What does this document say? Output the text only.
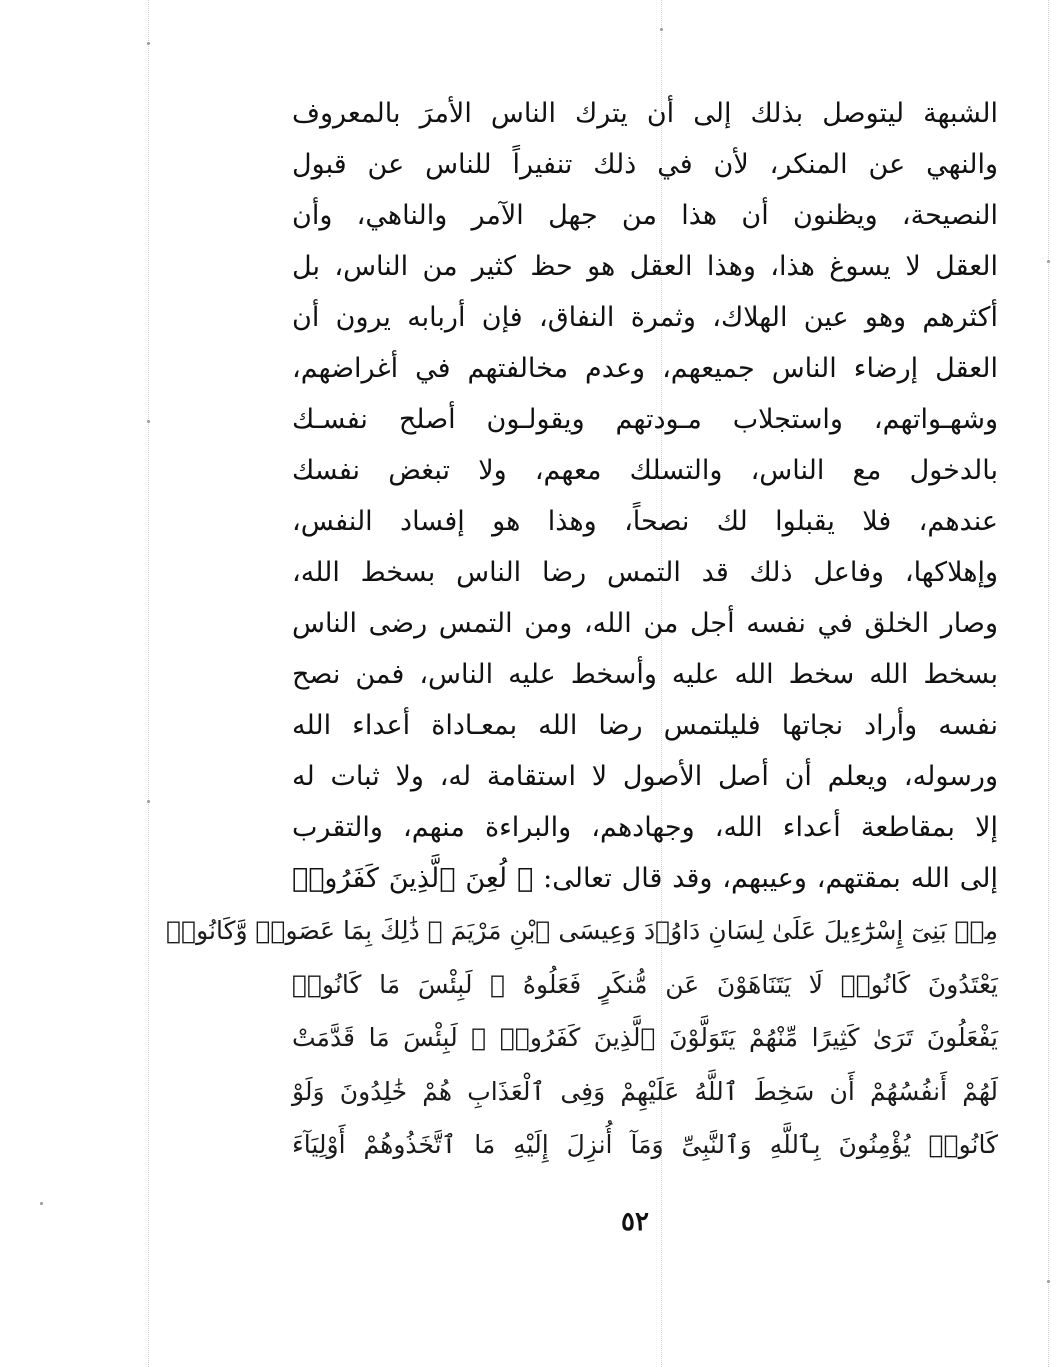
الشبهة ليتوصل بذلك إلى أن يترك الناس الأمرَ بالمعروف
والنهي عن المنكر، لأن في ذلك تنفيراً للناس عن قبول
النصيحة، ويظنون أن هذا من جهل الآمر والناهي، وأن
العقل لا يسوغ هذا، وهذا العقل هو حظ كثير من الناس، بل
أكثرهم وهو عين الهلاك، وثمرة النفاق، فإن أربابه يرون أن
العقل إرضاء الناس جميعهم، وعدم مخالفتهم في أغراضهم،
وشهـواتهم، واستجلاب مـودتهم ويقولـون أصلح نفسـك
بالدخول مع الناس، والتسلك معهم، ولا تبغض نفسك
عندهم، فلا يقبلوا لك نصحاً، وهذا هو إفساد النفس،
وإهلاكها، وفاعل ذلك قد التمس رضا الناس بسخط الله،
وصار الخلق في نفسه أجل من الله، ومن التمس رضى الناس
بسخط الله سخط الله عليه وأسخط عليه الناس، فمن نصح
نفسه وأراد نجاتها فليلتمس رضا الله بمعـاداة أعداء الله
ورسوله، ويعلم أن أصل الأصول لا استقامة له، ولا ثبات له
إلا بمقاطعة أعداء الله، وجهادهم، والبراءة منهم، والتقرب
إلى الله بمقتهم، وعيبهم، وقد قال تعالى: ﴿ لُعِنَ ٱلَّذِينَ كَفَرُوا۟
مِنۢ بَنِىٓ إِسْرَٰٓءِيلَ عَلَىٰ لِسَانِ دَاوُۥدَ وَعِيسَى ٱبْنِ مَرْيَمَ ۚ ذَٰلِكَ بِمَا عَصَوا۟ وَّكَانُوا۟
يَعْتَدُونَ كَانُوا۟ لَا يَتَنَاهَوْنَ عَن مُّنكَرٍ فَعَلُوهُ ۚ لَبِئْسَ مَا كَانُوا۟
يَفْعَلُونَ تَرَىٰ كَثِيرًا مِّنْهُمْ يَتَوَلَّوْنَ ٱلَّذِينَ كَفَرُوا۟ ۚ لَبِئْسَ مَا قَدَّمَتْ
لَهُمْ أَنفُسُهُمْ أَن سَخِطَ ٱللَّهُ عَلَيْهِمْ وَفِى ٱلْعَذَابِ هُمْ خَٰلِدُونَ وَلَوْ
كَانُوا۟ يُؤْمِنُونَ بِٱللَّهِ وَٱلنَّبِىِّ وَمَآ أُنزِلَ إِلَيْهِ مَا ٱتَّخَذُوهُمْ أَوْلِيَآءَ
٥٢
